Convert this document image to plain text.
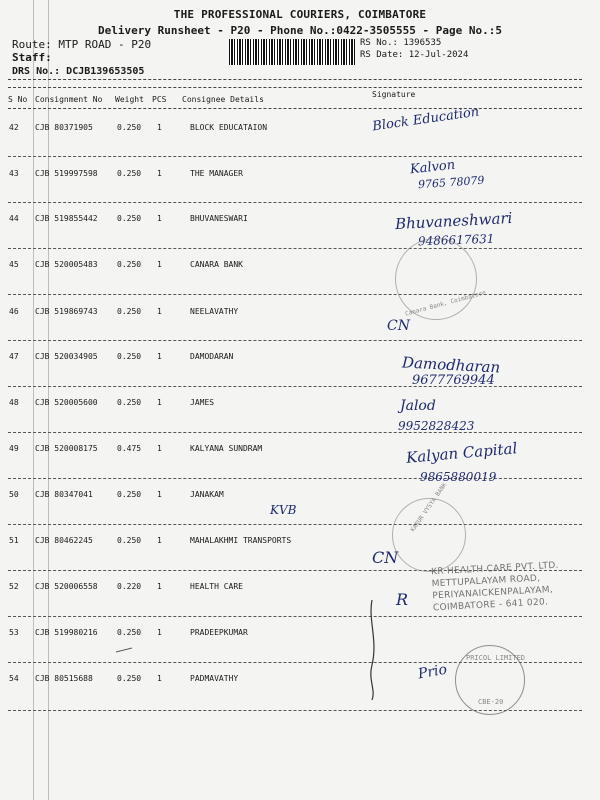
THE PROFESSIONAL COURIERS, COIMBATORE
Delivery Runsheet - P20 - Phone No.:0422-3505555 - Page No.:5
Route: MTP ROAD - P20
Staff:
DRS No.: DCJB139653505
RS No.: 1396535
RS Date: 12-Jul-2024
S No Consignment No Weight PCS Consignee Details
Signature
42 CJB 80371905	0.250 1	BLOCK EDUCATAION
43 CJB 519997598 0.250 1	THE MANAGER
44 CJB 519855442 0.250 1	BHUVANESWARI
45 CJB 520005483 0.250 1	CANARA BANK
46 CJB 519869743 0.250 1	NEELAVATHY
47 CJB 520034905 0.250 1	DAMODARAN
48 CJB 520005600 0.250 1	JAMES
49 CJB 520008175 0.475 1	KALYANA SUNDRAM
50 CJB 80347041	0.250 1	JANAKAM
51 CJB 80462245	0.250 1	MAHALAKHMI TRANSPORTS
52 CJB 520006558 0.220 1	HEALTH CARE
53 CJB 519980216 0.250 1	PRADEEPKUMAR
54 CJB 80515688	0.250 1	PADMAVATHY
Block Education
Kalvon
9765 78079
Bhuvaneshwari
9486617631
CN
Damodharan
9677769944
Jalod
9952828423
Kalyan Capital
9865880019
KVB
CN
R
Prio
Canara Bank, Coimbatore
KARUR VYSYA BANK
KR HEALTH CARE PVT. LTD.
METTUPALAYAM ROAD,
PERIYANAICKENPALAYAM,
COIMBATORE - 641 020.
PRICOL LIMITED
CBE-20
